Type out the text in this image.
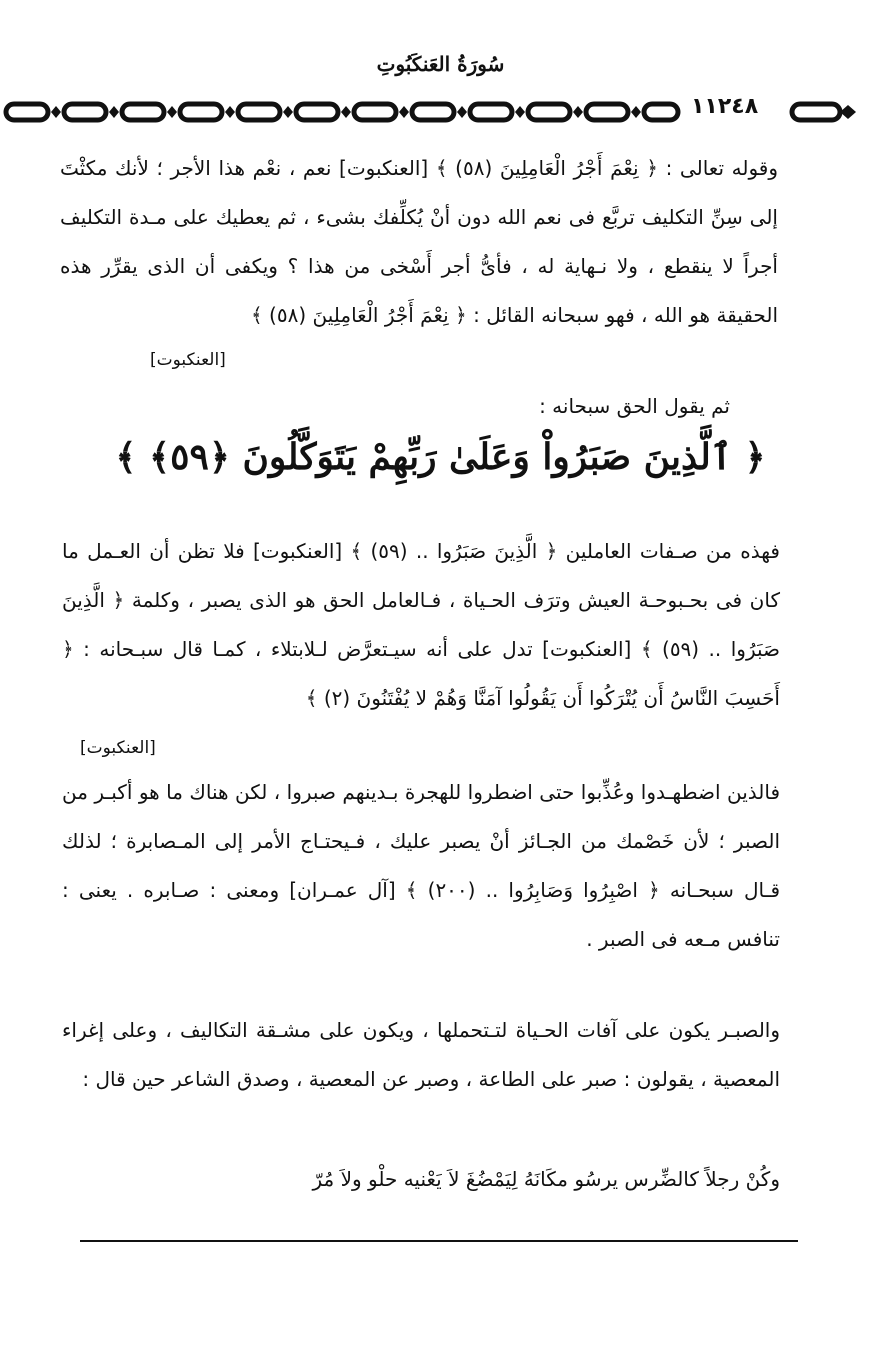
سُورَةُ العَنكَبُوتِ
١١٢٤٨
وقوله تعالى : ﴿ نِعْمَ أَجْرُ الْعَامِلِينَ (٥٨) ﴾ [العنكبوت] نعم ، نعْم هذا الأجر ؛ لأنك مكثْتَ إلى سِنِّ التكليف تربَّع فى نعم الله دون أنْ يُكلِّفك بشىء ، ثم يعطيك على مـدة التكليف أجراً لا ينقطع ، ولا نـهاية له ، فأىُّ أجر أَسْخى من هذا ؟ ويكفى أن الذى يقرِّر هذه الحقيقة هو الله ، فهو سبحانه القائل : ﴿ نِعْمَ أَجْرُ الْعَامِلِينَ (٥٨) ﴾
[العنكبوت]
ثم يقول الحق سبحانه :
﴿ ٱلَّذِينَ صَبَرُواْ وَعَلَىٰ رَبِّهِمْ يَتَوَكَّلُونَ ﴿٥٩﴾ ﴾
فهذه من صـفات العاملين ﴿ الَّذِينَ صَبَرُوا .. (٥٩) ﴾ [العنكبوت] فلا تظن أن العـمل ما كان فى بحـبوحـة العيش وترَف الحـياة ، فـالعامل الحق هو الذى يصبر ، وكلمة ﴿ الَّذِينَ صَبَرُوا .. (٥٩) ﴾ [العنكبوت] تدل على أنه سيـتعرَّض لـلابتلاء ، كمـا قال سبـحانه : ﴿ أَحَسِبَ النَّاسُ أَن يُتْرَكُوا أَن يَقُولُوا آمَنَّا وَهُمْ لا يُفْتَنُونَ (٢) ﴾
[العنكبوت]
فالذين اضطهـدوا وعُذِّبوا حتى اضطروا للهجرة بـدينهم صبروا ، لكن هناك ما هو أكبـر من الصبر ؛ لأن خَصْمك من الجـائز أنْ يصبر عليك ، فـيحتـاج الأمر إلى المـصابرة ؛ لذلك قـال سبحـانه ﴿ اصْبِرُوا وَصَابِرُوا .. (٢٠٠) ﴾ [آل عمـران] ومعنى : صـابره . يعنى : تنافس مـعه فى الصبر .
والصبـر يكون على آفات الحـياة لتـتحملها ، ويكون على مشـقة التكاليف ، وعلى إغراء المعصية ، يقولون : صبر على الطاعة ، وصبر عن المعصية ، وصدق الشاعر حين قال :
وكُنْ رجلاً كالضِّرس يرسُو مكَانَهُ لِيَمْضُغَ لاَ يَعْنيه حلْو ولاَ مُرّ
